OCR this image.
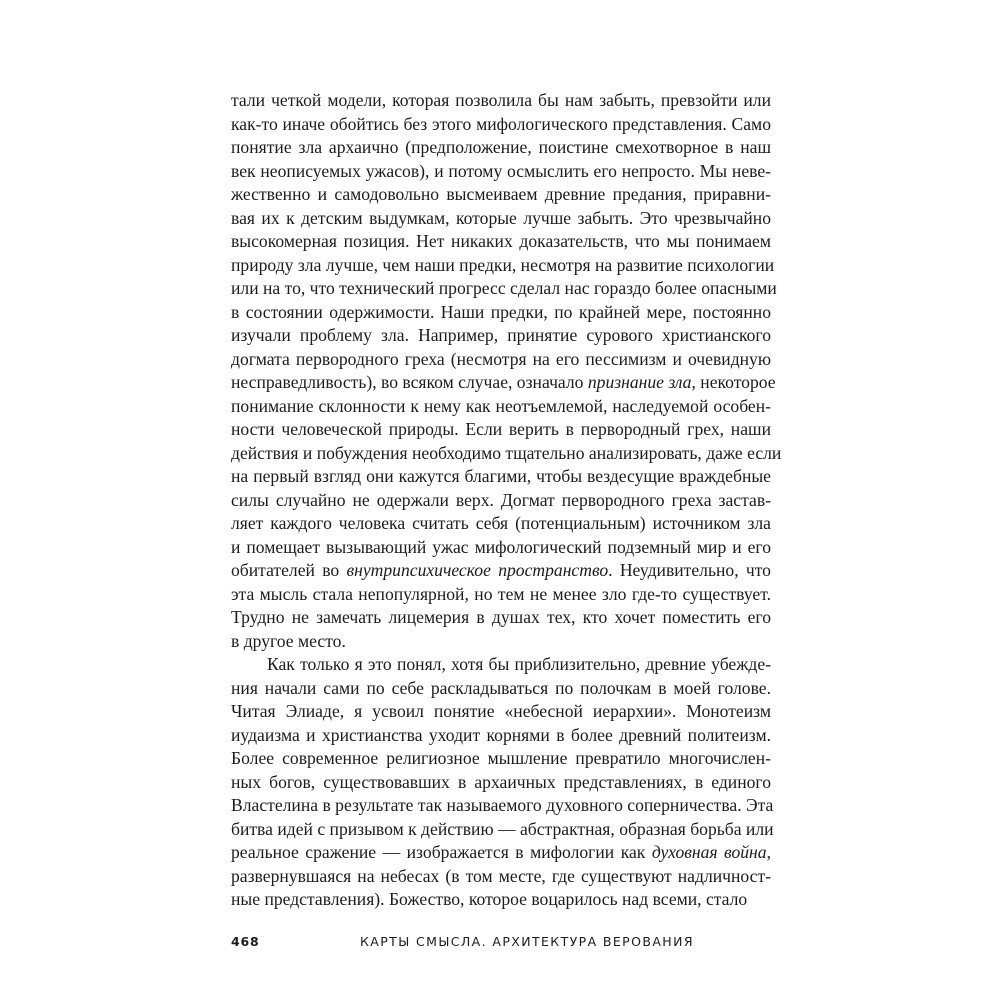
тали четкой модели, которая позволила бы нам забыть, превзойти или
как-то иначе обойтись без этого мифологического представления. Само
понятие зла архаично (предположение, поистине смехотворное в наш
век неописуемых ужасов), и потому осмыслить его непросто. Мы неве-
жественно и самодовольно высмеиваем древние предания, приравни-
вая их к детским выдумкам, которые лучше забыть. Это чрезвычайно
высокомерная позиция. Нет никаких доказательств, что мы понимаем
природу зла лучше, чем наши предки, несмотря на развитие психологии
или на то, что технический прогресс сделал нас гораздо более опасными
в состоянии одержимости. Наши предки, по крайней мере, постоянно
изучали проблему зла. Например, принятие сурового христианского
догмата первородного греха (несмотря на его пессимизм и очевидную
несправедливость), во всяком случае, означало признание зла, некоторое
понимание склонности к нему как неотъемлемой, наследуемой особен-
ности человеческой природы. Если верить в первородный грех, наши
действия и побуждения необходимо тщательно анализировать, даже если
на первый взгляд они кажутся благими, чтобы вездесущие враждебные
силы случайно не одержали верх. Догмат первородного греха застав-
ляет каждого человека считать себя (потенциальным) источником зла
и помещает вызывающий ужас мифологический подземный мир и его
обитателей во внутрипсихическое пространство. Неудивительно, что
эта мысль стала непопулярной, но тем не менее зло где-то существует.
Трудно не замечать лицемерия в душах тех, кто хочет поместить его
в другое место.
Как только я это понял, хотя бы приблизительно, древние убежде-
ния начали сами по себе раскладываться по полочкам в моей голове.
Читая Элиаде, я усвоил понятие «небесной иерархии». Монотеизм
иудаизма и христианства уходит корнями в более древний политеизм.
Более современное религиозное мышление превратило многочислен-
ных богов, существовавших в архаичных представлениях, в единого
Властелина в результате так называемого духовного соперничества. Эта
битва идей с призывом к действию — абстрактная, образная борьба или
реальное сражение — изображается в мифологии как духовная война,
развернувшаяся на небесах (в том месте, где существуют надличност-
ные представления). Божество, которое воцарилось над всеми, стало
468	КАРТЫ СМЫСЛА. АРХИТЕКТУРА ВЕРОВАНИЯ
